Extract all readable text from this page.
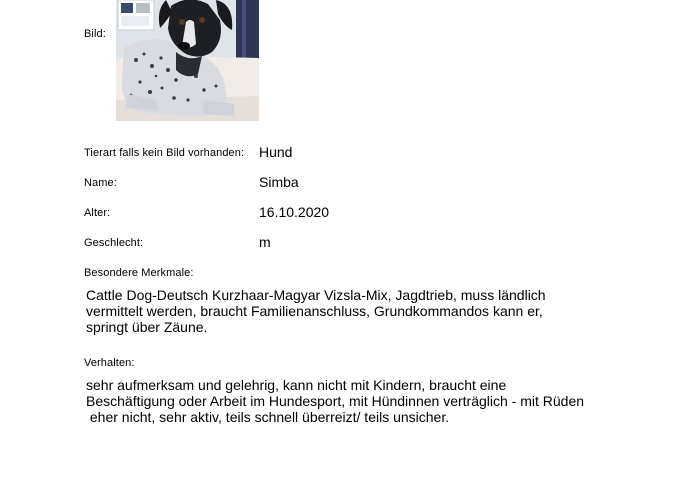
Bild:
Tierart falls kein Bild vorhanden: Hund
Name:	Simba
Alter:	16.10.2020
Geschlecht:	m
Besondere Merkmale:
Cattle Dog-Deutsch Kurzhaar-Magyar Vizsla-Mix, Jagdtrieb, muss ländlich
vermittelt werden, braucht Familienanschluss, Grundkommandos kann er,
springt über Zäune.
Verhalten:
sehr aufmerksam und gelehrig, kann nicht mit Kindern, braucht eine
Beschäftigung oder Arbeit im Hundesport, mit Hündinnen verträglich - mit Rüden
eher nicht, sehr aktiv, teils schnell überreizt/ teils unsicher.
